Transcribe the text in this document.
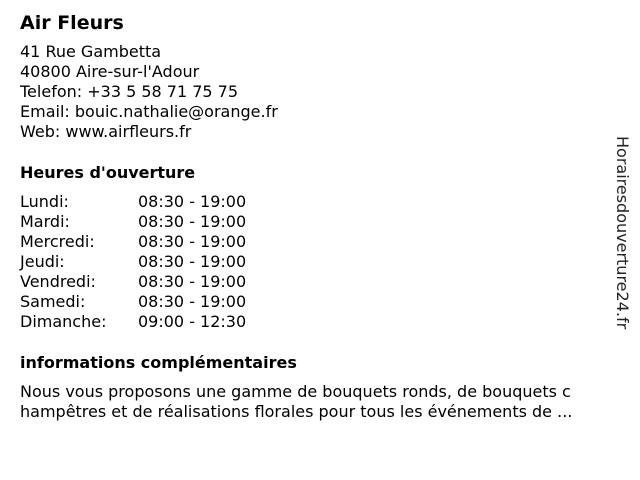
Air Fleurs
41 Rue Gambetta
40800 Aire-sur-l'Adour
Telefon: +33 5 58 71 75 75
Email: bouic.nathalie@orange.fr
Web: www.airfleurs.fr
Heures d'ouverture
Lundi:	08:30 - 19:00
Mardi:	08:30 - 19:00
Mercredi:	08:30 - 19:00
Jeudi:	08:30 - 19:00
Vendredi:	08:30 - 19:00
Samedi:	08:30 - 19:00
Dimanche: 09:00 - 12:30
informations complémentaires
Nous vous proposons une gamme de bouquets ronds, de bouquets c
hampêtres et de réalisations florales pour tous les événements de ...
Horairesdouverture24.fr
